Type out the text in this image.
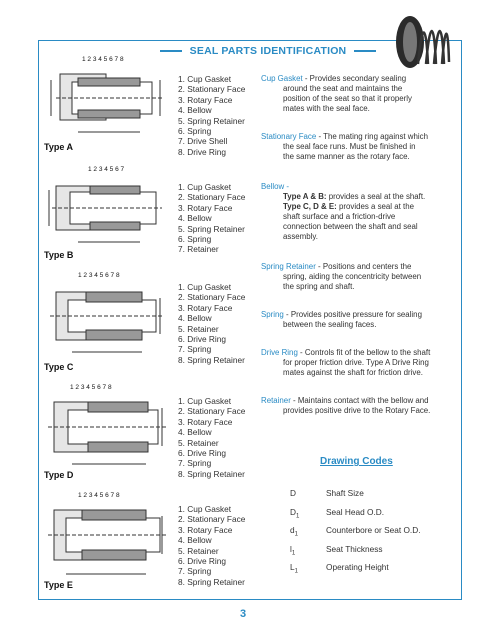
SEAL PARTS IDENTIFICATION
1 2 3 4 5 6 7 8
Type A
1 2 3 4 5 6 7
Type B
1 2 3 4 5 6 7 8
Type C
1 2 3 4 5 6 7 8
Type D
1 2 3 4 5 6 7 8
Type E
1. Cup Gasket
2. Stationary Face
3. Rotary Face
4. Bellow
5. Spring Retainer
6. Spring
7. Drive Shell
8. Drive Ring
1. Cup Gasket
2. Stationary Face
3. Rotary Face
4. Bellow
5. Spring Retainer
6. Spring
7. Retainer
1. Cup Gasket
2. Stationary Face
3. Rotary Face
4. Bellow
5. Retainer
6. Drive Ring
7. Spring
8. Spring Retainer
1. Cup Gasket
2. Stationary Face
3. Rotary Face
4. Bellow
5. Retainer
6. Drive Ring
7. Spring
8. Spring Retainer
1. Cup Gasket
2. Stationary Face
3. Rotary Face
4. Bellow
5. Retainer
6. Drive Ring
7. Spring
8. Spring Retainer
Cup Gasket - Provides secondary sealing
around the seat and maintains the
position of the seat so that it properly
mates with the seal face.
Stationary Face - The mating ring against which
the seal face runs. Must be finished in
the same manner as the rotary face.
Bellow -
Type A & B: provides a seal at the shaft.
Type C, D & E: provides a seal at the
shaft surface and a friction-drive
connection between the shaft and seal
assembly.
Spring Retainer - Positions and centers the
spring, aiding the concentricity between
the spring and shaft.
Spring - Provides positive pressure for sealing
between the sealing faces.
Drive Ring - Controls fit of the bellow to the shaft
for proper friction drive. Type A Drive Ring
mates against the shaft for friction drive.
Retainer - Maintains contact with the bellow and
provides positive drive to the Rotary Face.
Drawing Codes
D	Shaft Size
$D_1$	Seal Head O.D.
$d_1$	Counterbore or Seat O.D.
$l_1$	Seat Thickness
$L_1$	Operating Height
3
